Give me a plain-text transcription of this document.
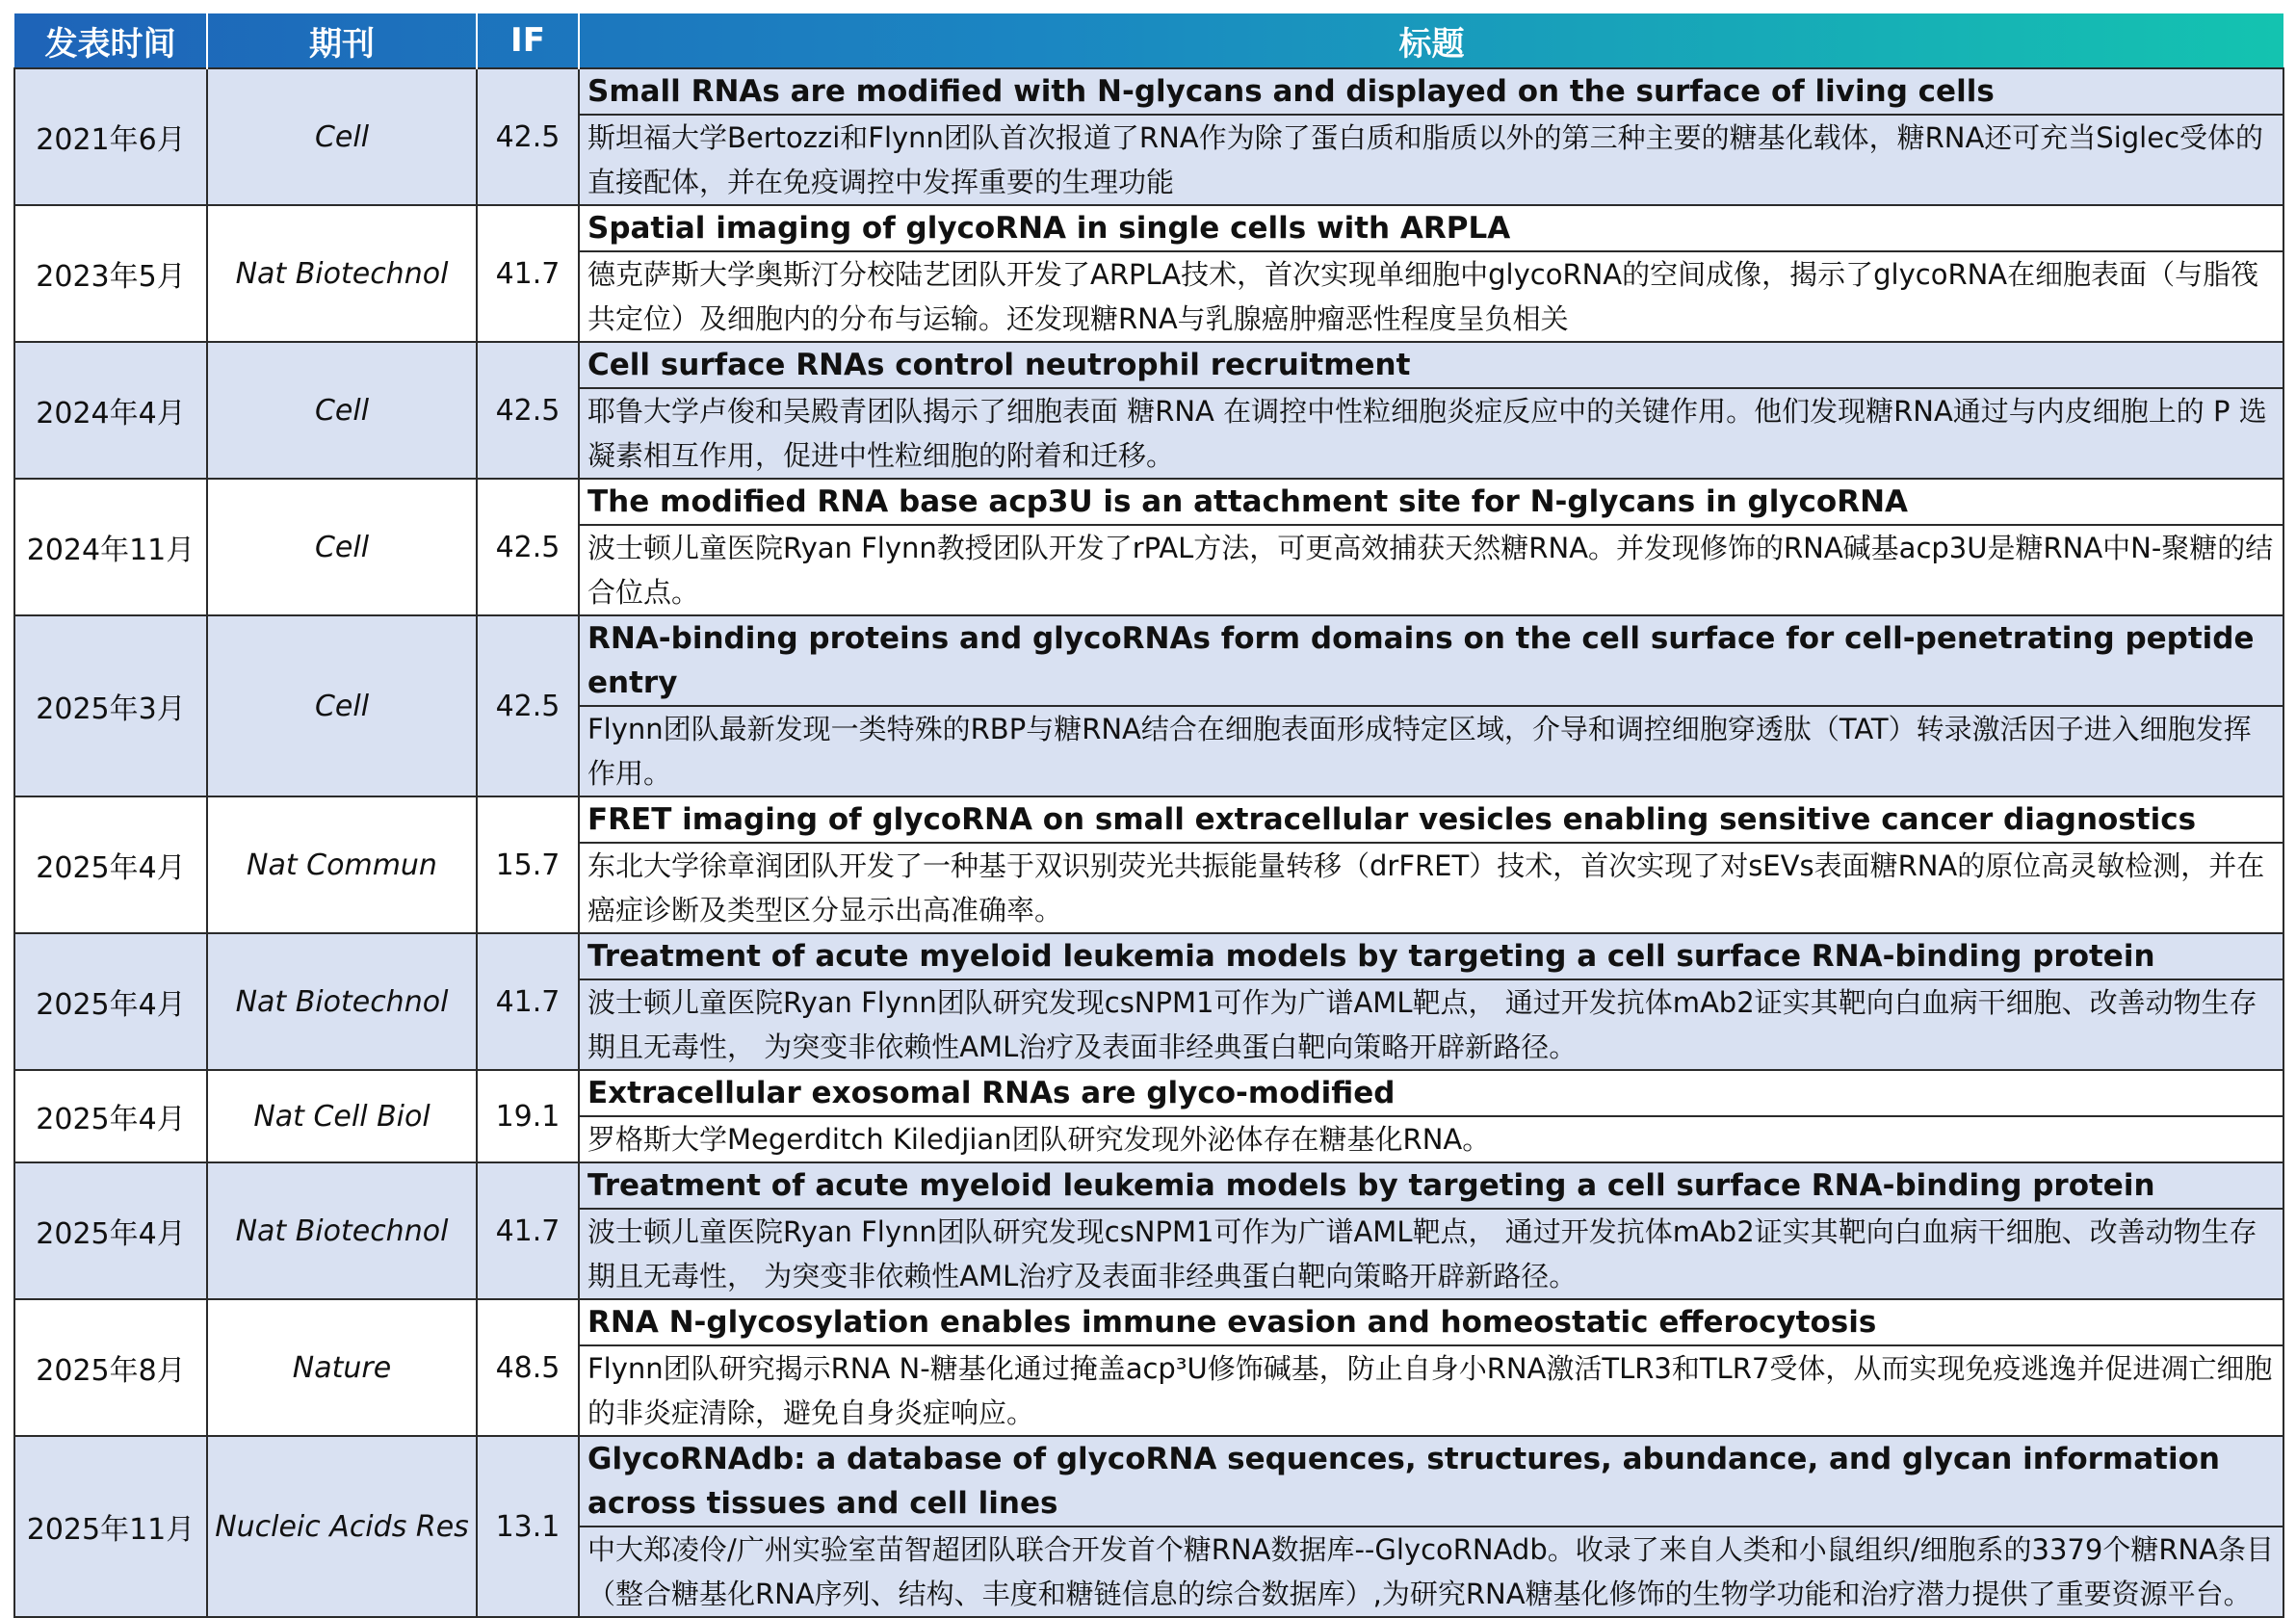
发表时间	期刊	IF	标题
2021年6月	Cell	42.5	Small RNAs are modified with N-glycans and displayed on the surface of living cells
斯坦福大学Bertozzi和Flynn团队首次报道了RNA作为除了蛋白质和脂质以外的第三种主要的糖基化载体，糖RNA还可充当Siglec受体的直接配体，并在免疫调控中发挥重要的生理功能

2023年5月	Nat Biotechnol	41.7	Spatial imaging of glycoRNA in single cells with ARPLA
德克萨斯大学奥斯汀分校陆艺团队开发了ARPLA技术，首次实现单细胞中glycoRNA的空间成像，揭示了glycoRNA在细胞表面（与脂筏共定位）及细胞内的分布与运输。还发现糖RNA与乳腺癌肿瘤恶性程度呈负相关

2024年4月	Cell	42.5	Cell surface RNAs control neutrophil recruitment
耶鲁大学卢俊和吴殿青团队揭示了细胞表面 糖RNA 在调控中性粒细胞炎症反应中的关键作用。他们发现糖RNA通过与内皮细胞上的 P 选凝素相互作用，促进中性粒细胞的附着和迁移。

2024年11月	Cell	42.5	The modified RNA base acp3U is an attachment site for N-glycans in glycoRNA
波士顿儿童医院Ryan Flynn教授团队开发了rPAL方法，可更高效捕获天然糖RNA。并发现修饰的RNA碱基acp3U是糖RNA中N-聚糖的结合位点。

2025年3月	Cell	42.5	RNA-binding proteins and glycoRNAs form domains on the cell surface for cell-penetrating peptide entry
Flynn团队最新发现一类特殊的RBP与糖RNA结合在细胞表面形成特定区域，介导和调控细胞穿透肽（TAT）转录激活因子进入细胞发挥作用。

2025年4月	Nat Commun	15.7	FRET imaging of glycoRNA on small extracellular vesicles enabling sensitive cancer diagnostics
东北大学徐章润团队开发了一种基于双识别荧光共振能量转移（drFRET）技术，首次实现了对sEVs表面糖RNA的原位高灵敏检测，并在癌症诊断及类型区分显示出高准确率。

2025年4月	Nat Biotechnol	41.7	Treatment of acute myeloid leukemia models by targeting a cell surface RNA-binding protein
波士顿儿童医院Ryan Flynn团队研究发现csNPM1可作为广谱AML靶点， 通过开发抗体mAb2证实其靶向白血病干细胞、改善动物生存期且无毒性， 为突变非依赖性AML治疗及表面非经典蛋白靶向策略开辟新路径。

2025年4月	Nat Cell Biol	19.1	Extracellular exosomal RNAs are glyco-modified
罗格斯大学Megerditch Kiledjian团队研究发现外泌体存在糖基化RNA。

2025年4月	Nat Biotechnol	41.7	Treatment of acute myeloid leukemia models by targeting a cell surface RNA-binding protein
波士顿儿童医院Ryan Flynn团队研究发现csNPM1可作为广谱AML靶点， 通过开发抗体mAb2证实其靶向白血病干细胞、改善动物生存期且无毒性， 为突变非依赖性AML治疗及表面非经典蛋白靶向策略开辟新路径。

2025年8月	Nature	48.5	RNA N-glycosylation enables immune evasion and homeostatic efferocytosis
Flynn团队研究揭示RNA N-糖基化通过掩盖acp³U修饰碱基，防止自身小RNA激活TLR3和TLR7受体，从而实现免疫逃逸并促进凋亡细胞的非炎症清除，避免自身炎症响应。

2025年11月	Nucleic Acids Res	13.1	GlycoRNAdb: a database of glycoRNA sequences, structures, abundance, and glycan information across tissues and cell lines
中大郑凌伶/广州实验室苗智超团队联合开发首个糖RNA数据库--GlycoRNAdb。收录了来自人类和小鼠组织/细胞系的3379个糖RNA条目（整合糖基化RNA序列、结构、丰度和糖链信息的综合数据库）,为研究RNA糖基化修饰的生物学功能和治疗潜力提供了重要资源平台。
